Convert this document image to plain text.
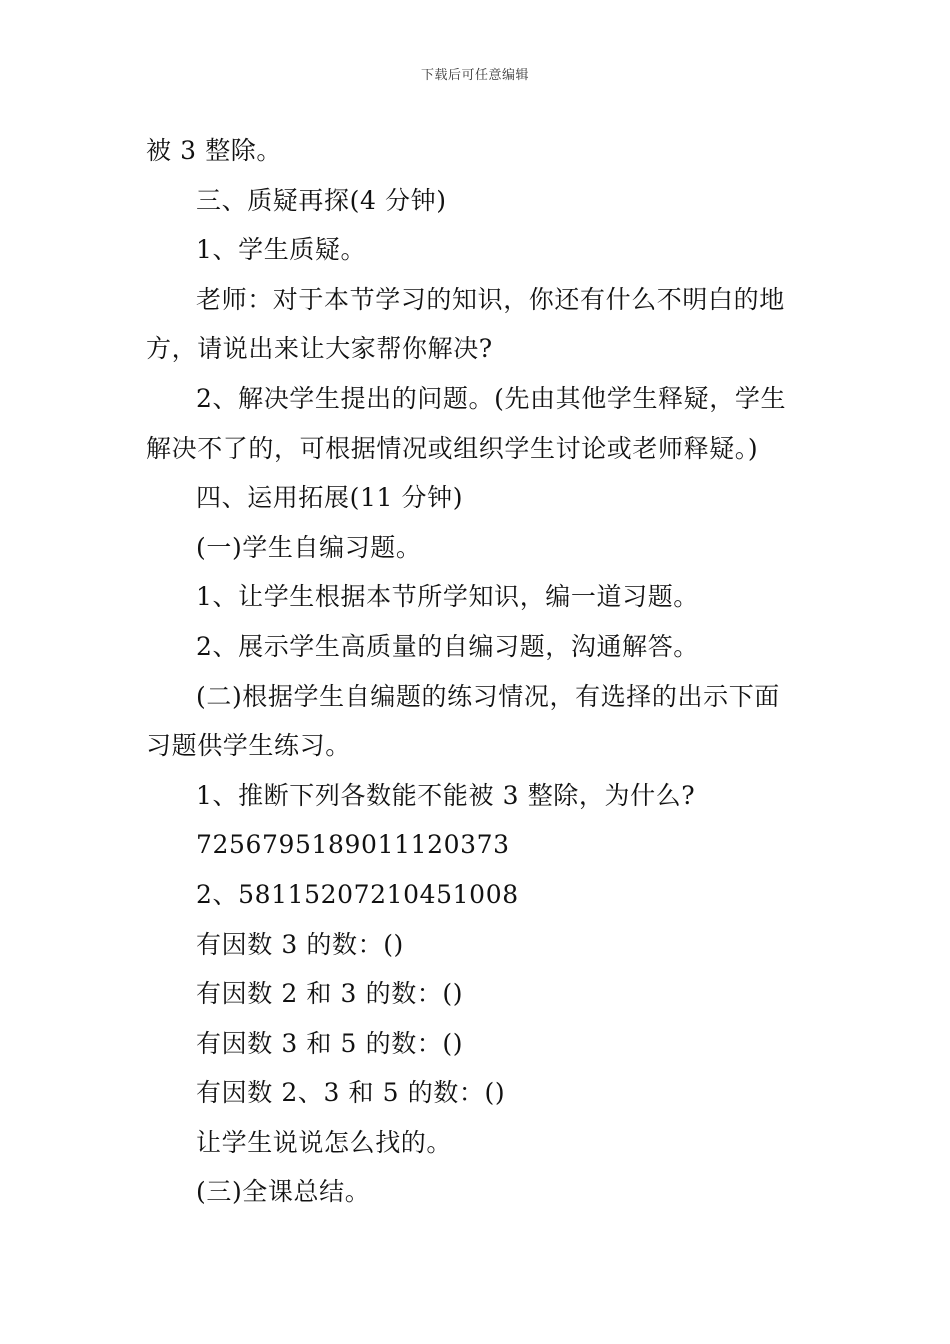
下载后可任意编辑
被 3 整除。
三、质疑再探(4 分钟)
1、学生质疑。
老师：对于本节学习的知识，你还有什么不明白的地
方，请说出来让大家帮你解决?
2、解决学生提出的问题。(先由其他学生释疑，学生
解决不了的，可根据情况或组织学生讨论或老师释疑。)
四、运用拓展(11 分钟)
(一)学生自编习题。
1、让学生根据本节所学知识，编一道习题。
2、展示学生高质量的自编习题，沟通解答。
(二)根据学生自编题的练习情况，有选择的出示下面
习题供学生练习。
1、推断下列各数能不能被 3 整除，为什么?
7256795189011120373
2、58115207210451008
有因数 3 的数：()
有因数 2 和 3 的数：()
有因数 3 和 5 的数：()
有因数 2、3 和 5 的数：()
让学生说说怎么找的。
(三)全课总结。
